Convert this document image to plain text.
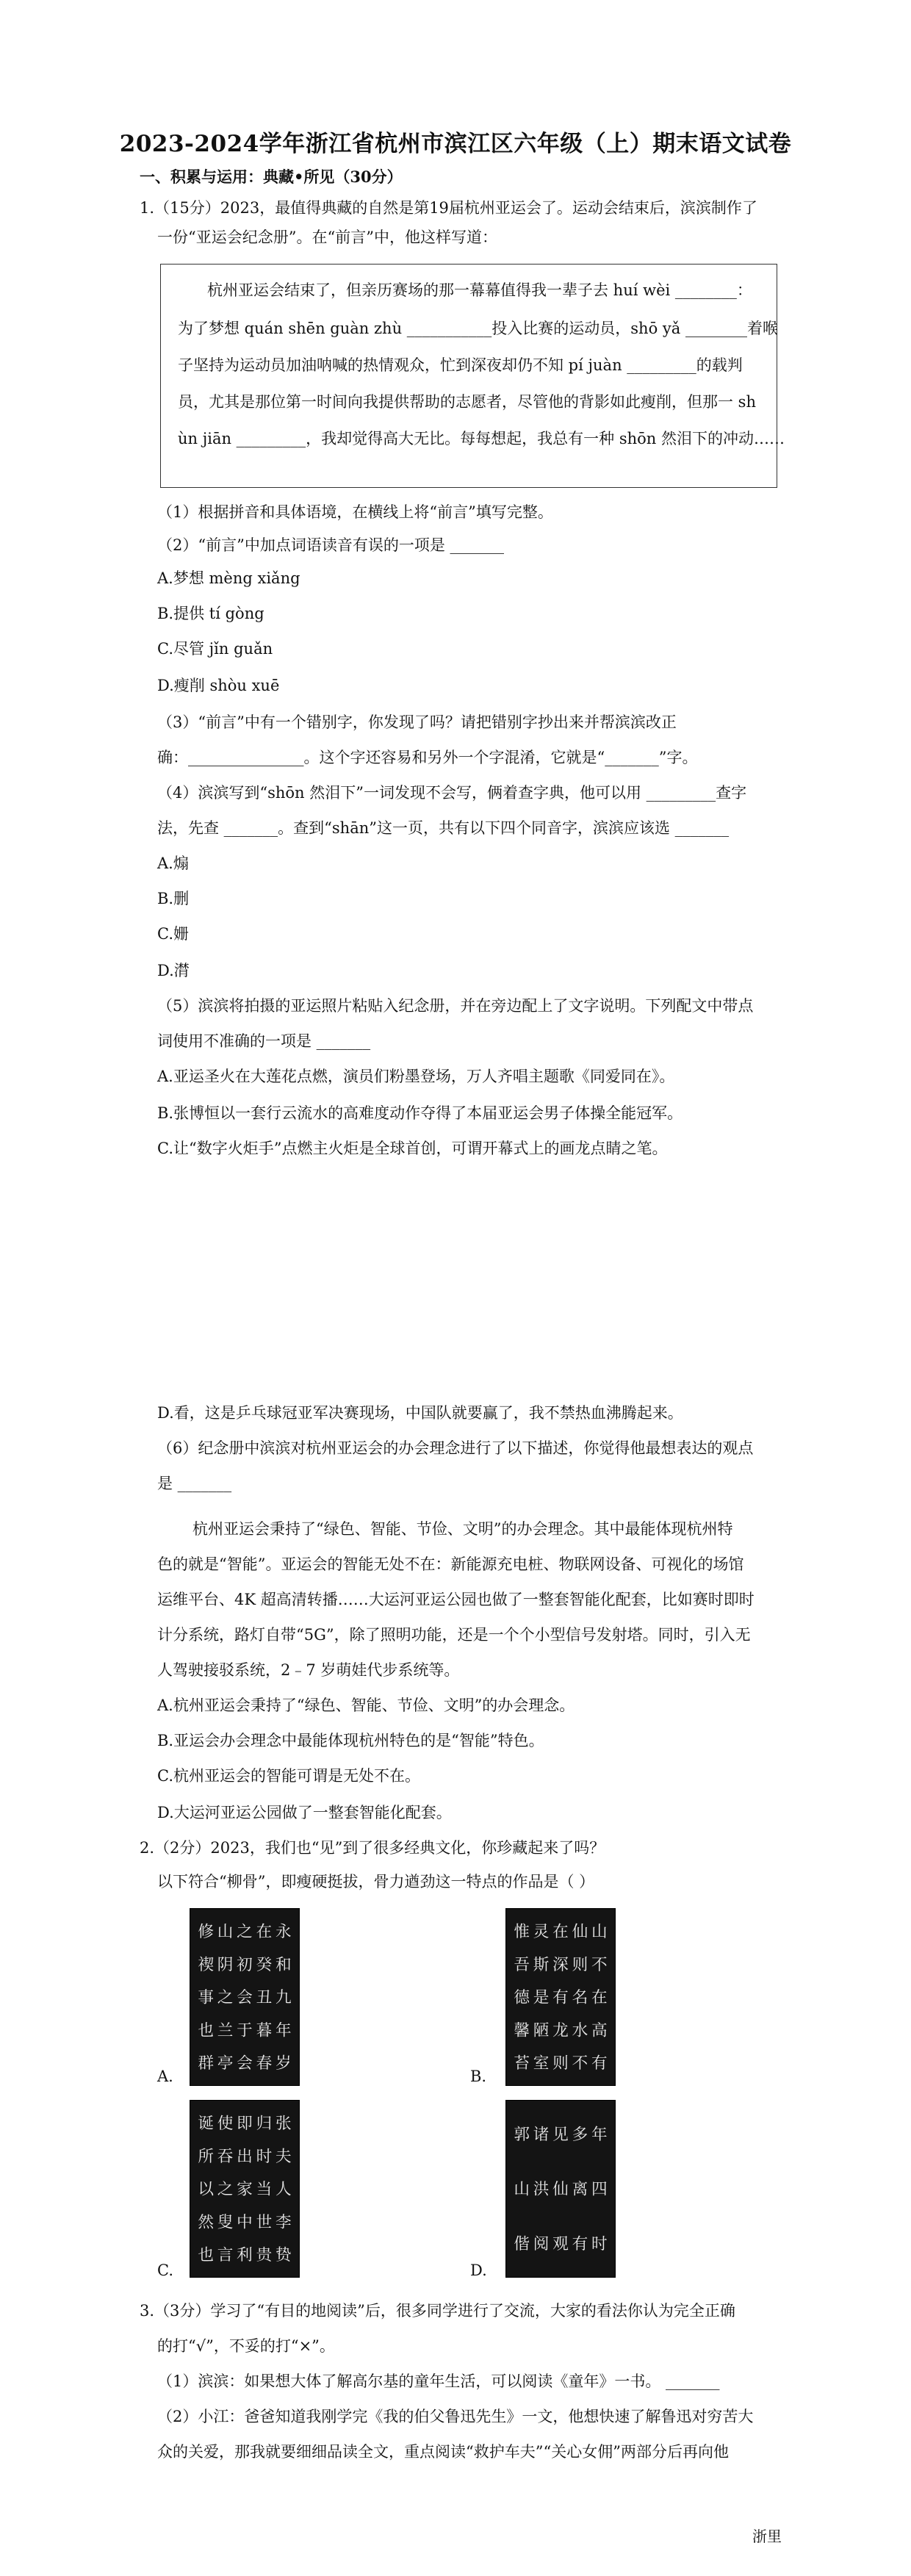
2023-2024学年浙江省杭州市滨江区六年级（上）期末语文试卷
一、积累与运用：典藏•所见（30分）
1.（15分）2023，最值得典藏的自然是第19届杭州亚运会了。运动会结束后，滨滨制作了
一份“亚运会纪念册”。在“前言”中，他这样写道：
杭州亚运会结束了，但亲历赛场的那一幕幕值得我一辈子去 huí wèi ________：
为了梦想 quán shēn guàn zhù ___________投入比赛的运动员，shō yǎ ________着喉
子坚持为运动员加油呐喊的热情观众，忙到深夜却仍不知 pí juàn _________的载判
员，尤其是那位第一时间向我提供帮助的志愿者，尽管他的背影如此瘦削，但那一 sh
ùn jiān _________，我却觉得高大无比。每每想起，我总有一种 shōn 然泪下的冲动……
（1）根据拼音和具体语境，在横线上将“前言”填写完整。
（2）“前言”中加点词语读音有误的一项是 _______
A.梦想 mèng xiǎng
B.提供 tí gòng
C.尽管 jǐn guǎn
D.瘦削 shòu xuē
（3）“前言”中有一个错别字，你发现了吗？请把错别字抄出来并帮滨滨改正
确：_______________。这个字还容易和另外一个字混淆，它就是“_______”字。
（4）滨滨写到“shōn 然泪下”一词发现不会写，俩着查字典，他可以用 _________查字
法，先查 _______。查到“shān”这一页，共有以下四个同音字，滨滨应该选 _______
A.煽
B.删
C.姗
D.潸
（5）滨滨将拍摄的亚运照片粘贴入纪念册，并在旁边配上了文字说明。下列配文中带点
词使用不准确的一项是 _______
A.亚运圣火在大莲花点燃，演员们粉墨登场，万人齐唱主题歌《同爱同在》。
B.张博恒以一套行云流水的高难度动作夺得了本届亚运会男子体操全能冠军。
C.让“数字火炬手”点燃主火炬是全球首创，可谓开幕式上的画龙点睛之笔。
D.看，这是乒乓球冠亚军决赛现场，中国队就要赢了，我不禁热血沸腾起来。
（6）纪念册中滨滨对杭州亚运会的办会理念进行了以下描述，你觉得他最想表达的观点
是 _______
杭州亚运会秉持了“绿色、智能、节俭、文明”的办会理念。其中最能体现杭州特
色的就是“智能”。亚运会的智能无处不在：新能源充电桩、物联网设备、可视化的场馆
运维平台、4K 超高清转播……大运河亚运公园也做了一整套智能化配套，比如赛时即时
计分系统，路灯自带“5G”，除了照明功能，还是一个个小型信号发射塔。同时，引入无
人驾驶接驳系统，2﹣7 岁萌娃代步系统等。
A.杭州亚运会秉持了“绿色、智能、节俭、文明”的办会理念。
B.亚运会办会理念中最能体现杭州特色的是“智能”特色。
C.杭州亚运会的智能可谓是无处不在。
D.大运河亚运公园做了一整套智能化配套。
2.（2分）2023，我们也“见”到了很多经典文化，你珍藏起来了吗？
以下符合“柳骨”，即瘦硬挺拔，骨力遒劲这一特点的作品是（ ）
永
和
九
年
岁
在
癸
丑
暮
春
之
初
会
于
会
山
阴
之
兰
亭
修
禊
事
也
群
A.
山
不
在
高
有
仙
则
名
水
不
在
深
有
龙
则
灵
斯
是
陋
室
惟
吾
德
馨
苔
B.
张
夫
人
李
贽
归
时
当
世
贵
即
出
家
中
利
使
吞
之
叟
言
诞
所
以
然
也
C.
年
四
时
多
离
有
见
仙
观
诸
洪
阅
郭
山
偕
D.
3.（3分）学习了“有目的地阅读”后，很多同学进行了交流，大家的看法你认为完全正确
的打“√”，不妥的打“×”。
（1）滨滨：如果想大体了解高尔基的童年生活，可以阅读《童年》一书。 _______
（2）小江：爸爸知道我刚学完《我的伯父鲁迅先生》一文，他想快速了解鲁迅对穷苦大
众的关爱，那我就要细细品读全文，重点阅读“救护车夫”“关心女佣”两部分后再向他
浙里
